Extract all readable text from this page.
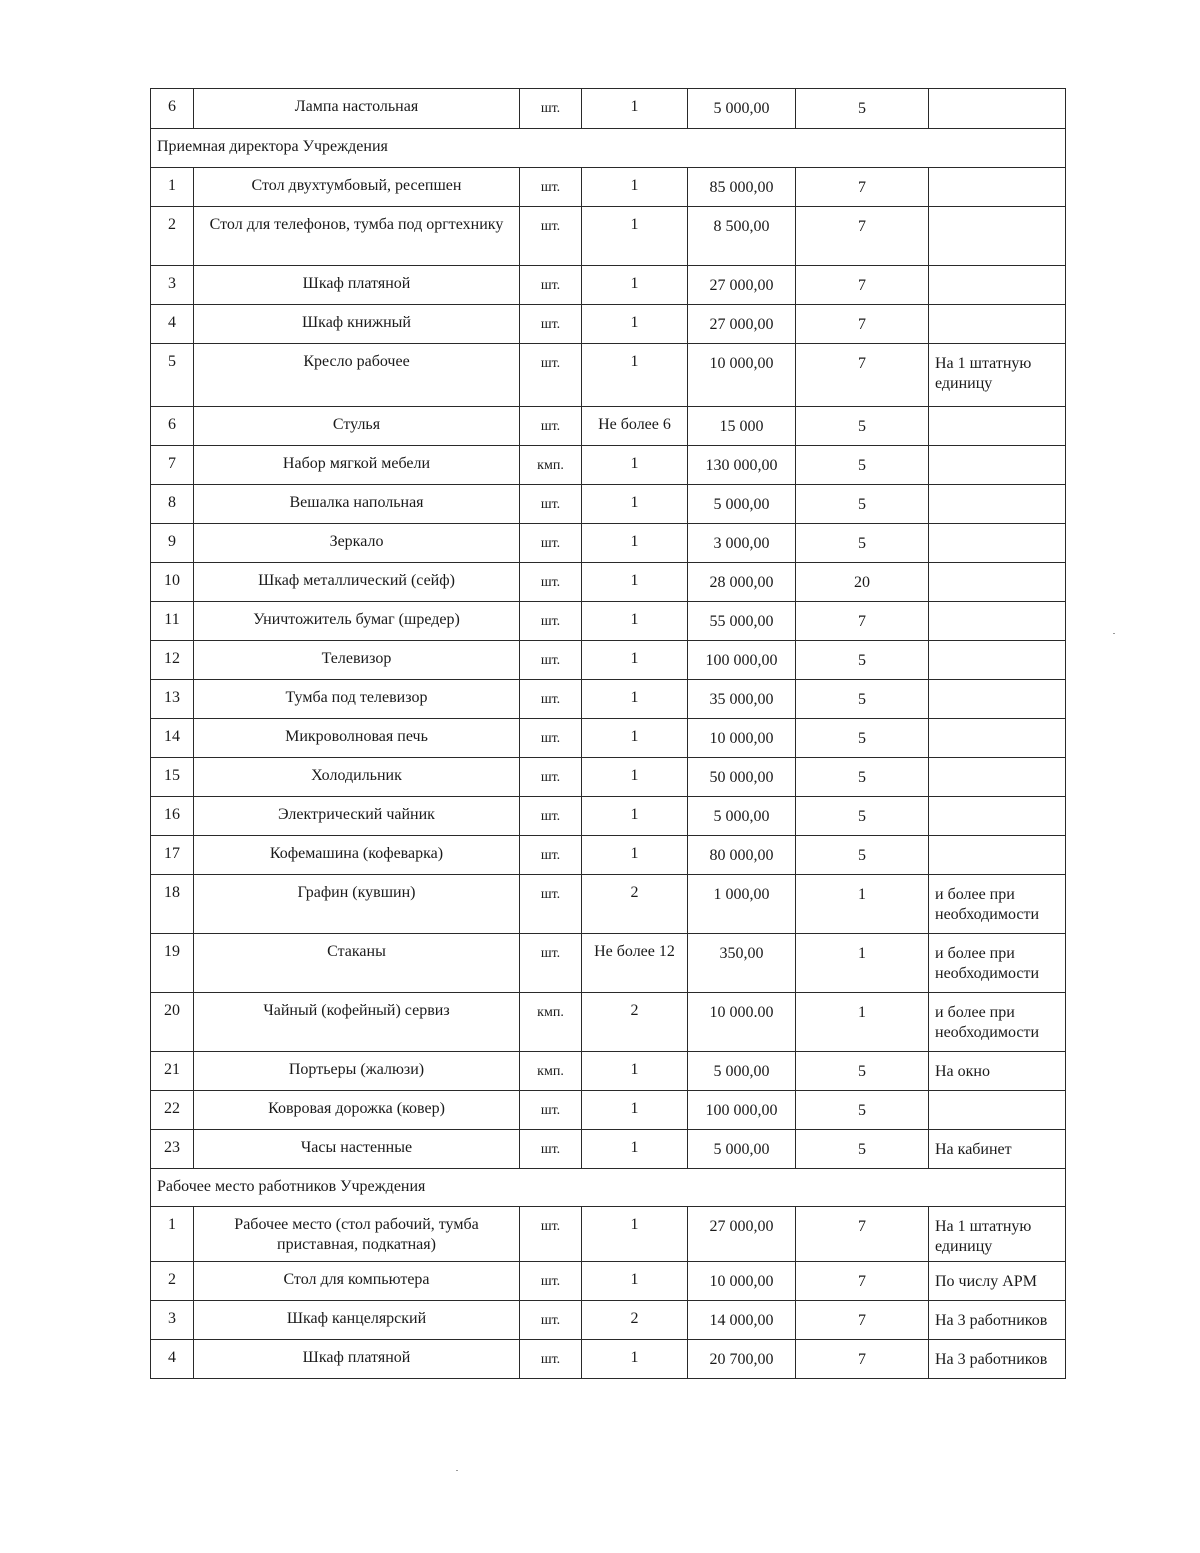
6	Лампа настольная	шт.	1	5 000,00	5	
Приемная директора Учреждения						
1	Стол двухтумбовый, ресепшен	шт.	1	85 000,00	7	
2	Стол для телефонов, тумба под оргтехнику	шт.	1	8 500,00	7	
3	Шкаф платяной	шт.	1	27 000,00	7	
4	Шкаф книжный	шт.	1	27 000,00	7	
5	Кресло рабочее	шт.	1	10 000,00	7	На 1 штатную единицу
6	Стулья	шт.	Не более 6	15 000	5	
7	Набор мягкой мебели	кмп.	1	130 000,00	5	
8	Вешалка напольная	шт.	1	5 000,00	5	
9	Зеркало	шт.	1	3 000,00	5	
10	Шкаф металлический (сейф)	шт.	1	28 000,00	20	
11	Уничтожитель бумаг (шредер)	шт.	1	55 000,00	7	
12	Телевизор	шт.	1	100 000,00	5	
13	Тумба под телевизор	шт.	1	35 000,00	5	
14	Микроволновая печь	шт.	1	10 000,00	5	
15	Холодильник	шт.	1	50 000,00	5	
16	Электрический чайник	шт.	1	5 000,00	5	
17	Кофемашина (кофеварка)	шт.	1	80 000,00	5	
18	Графин (кувшин)	шт.	2	1 000,00	1	и более при необходимости
19	Стаканы	шт.	Не более 12	350,00	1	и более при необходимости
20	Чайный (кофейный) сервиз	кмп.	2	10 000.00	1	и более при необходимости
21	Портьеры (жалюзи)	кмп.	1	5 000,00	5	На окно
22	Ковровая дорожка (ковер)	шт.	1	100 000,00	5	
23	Часы настенные	шт.	1	5 000,00	5	На кабинет
Рабочее место работников Учреждения						
1	Рабочее место (стол рабочий, тумба приставная, подкатная)	шт.	1	27 000,00	7	На 1 штатную единицу
2	Стол для компьютера	шт.	1	10 000,00	7	По числу АРМ
3	Шкаф канцелярский	шт.	2	14 000,00	7	На 3 работников
4	Шкаф платяной	шт.	1	20 700,00	7	На 3 работников
